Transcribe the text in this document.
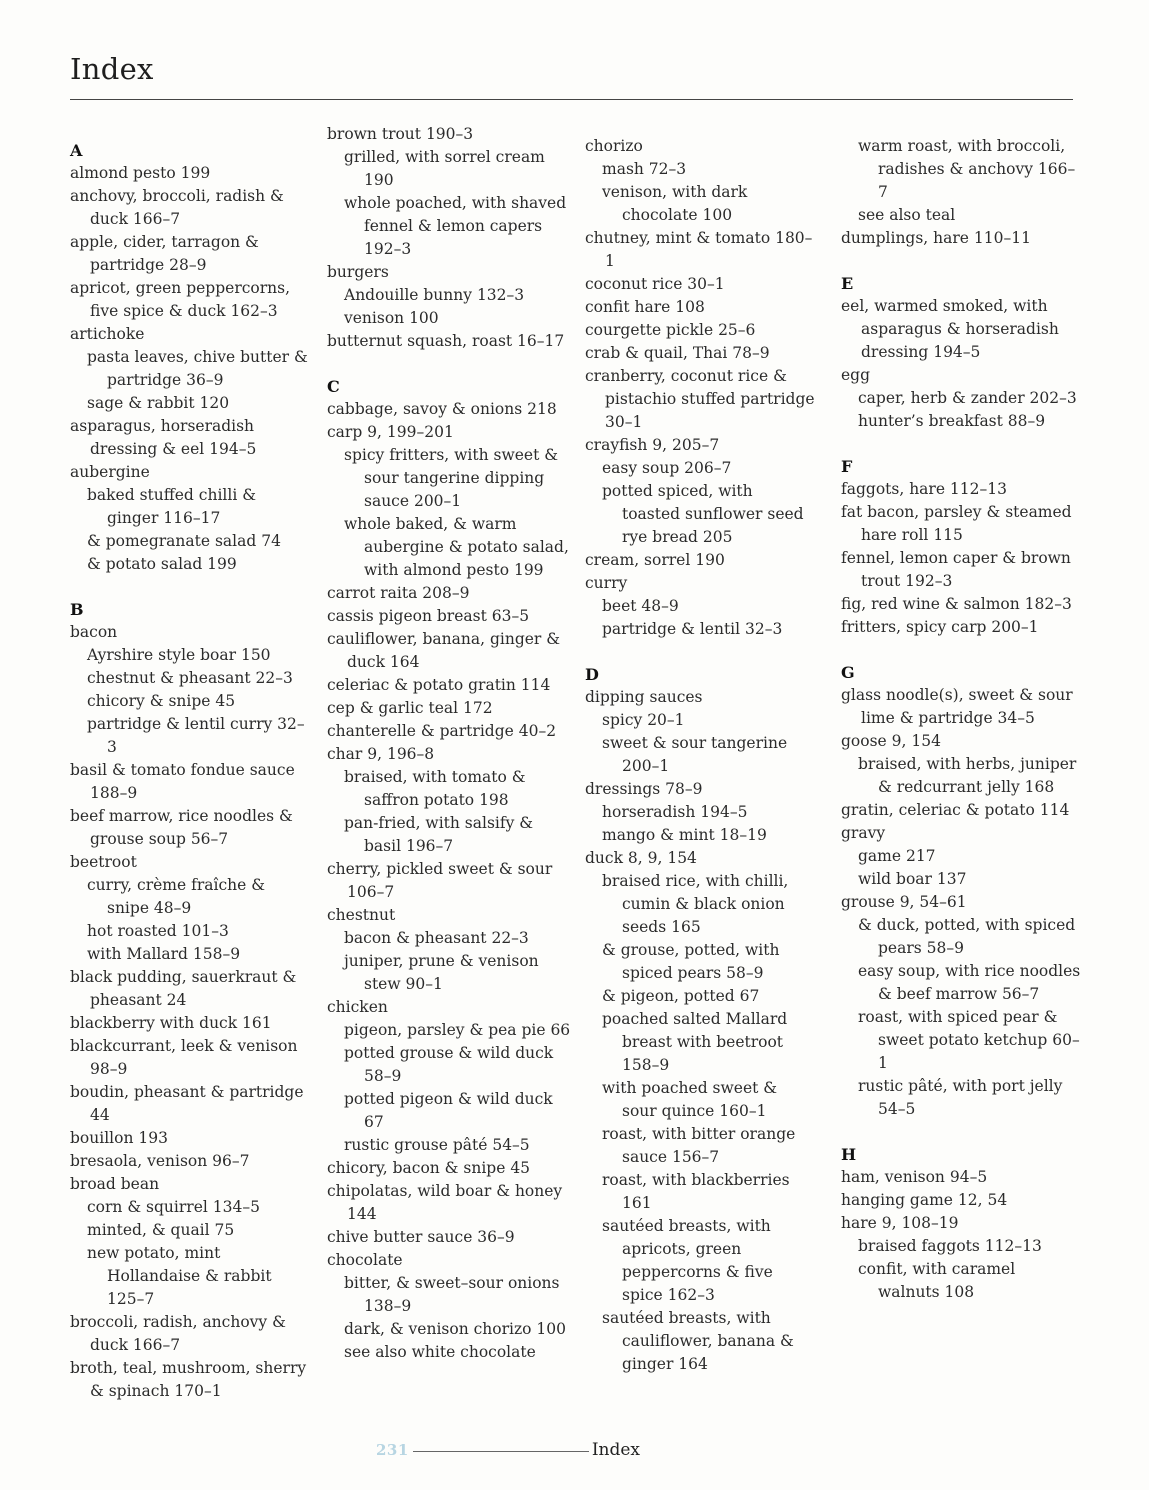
Index
A
almond pesto 199
anchovy, broccoli, radish & duck 166–7
apple, cider, tarragon & partridge 28–9
apricot, green peppercorns, five spice & duck 162–3
artichoke
pasta leaves, chive butter & partridge 36–9
sage & rabbit 120
asparagus, horseradish dressing & eel 194–5
aubergine
baked stuffed chilli & ginger 116–17
& pomegranate salad 74
& potato salad 199
B
bacon
Ayrshire style boar 150
chestnut & pheasant 22–3
chicory & snipe 45
partridge & lentil curry 32–3
basil & tomato fondue sauce 188–9
beef marrow, rice noodles & grouse soup 56–7
beetroot
curry, crème fraîche & snipe 48–9
hot roasted 101–3
with Mallard 158–9
black pudding, sauerkraut & pheasant 24
blackberry with duck 161
blackcurrant, leek & venison 98–9
boudin, pheasant & partridge 44
bouillon 193
bresaola, venison 96–7
broad bean
corn & squirrel 134–5
minted, & quail 75
new potato, mint Hollandaise & rabbit 125–7
broccoli, radish, anchovy & duck 166–7
broth, teal, mushroom, sherry & spinach 170–1
brown trout 190–3
grilled, with sorrel cream 190
whole poached, with shaved fennel & lemon capers 192–3
burgers
Andouille bunny 132–3
venison 100
butternut squash, roast 16–17
C
cabbage, savoy & onions 218
carp 9, 199–201
spicy fritters, with sweet & sour tangerine dipping sauce 200–1
whole baked, & warm aubergine & potato salad, with almond pesto 199
carrot raita 208–9
cassis pigeon breast 63–5
cauliflower, banana, ginger & duck 164
celeriac & potato gratin 114
cep & garlic teal 172
chanterelle & partridge 40–2
char 9, 196–8
braised, with tomato & saffron potato 198
pan-fried, with salsify & basil 196–7
cherry, pickled sweet & sour 106–7
chestnut
bacon & pheasant 22–3
juniper, prune & venison stew 90–1
chicken
pigeon, parsley & pea pie 66
potted grouse & wild duck 58–9
potted pigeon & wild duck 67
rustic grouse pâté 54–5
chicory, bacon & snipe 45
chipolatas, wild boar & honey 144
chive butter sauce 36–9
chocolate
bitter, & sweet–sour onions 138–9
dark, & venison chorizo 100
see also white chocolate
chorizo
mash 72–3
venison, with dark chocolate 100
chutney, mint & tomato 180–1
coconut rice 30–1
confit hare 108
courgette pickle 25–6
crab & quail, Thai 78–9
cranberry, coconut rice & pistachio stuffed partridge 30–1
crayfish 9, 205–7
easy soup 206–7
potted spiced, with toasted sunflower seed rye bread 205
cream, sorrel 190
curry
beet 48–9
partridge & lentil 32–3
D
dipping sauces
spicy 20–1
sweet & sour tangerine 200–1
dressings 78–9
horseradish 194–5
mango & mint 18–19
duck 8, 9, 154
braised rice, with chilli, cumin & black onion seeds 165
& grouse, potted, with spiced pears 58–9
& pigeon, potted 67
poached salted Mallard breast with beetroot 158–9
with poached sweet & sour quince 160–1
roast, with bitter orange sauce 156–7
roast, with blackberries 161
sautéed breasts, with apricots, green peppercorns & five spice 162–3
sautéed breasts, with cauliflower, banana & ginger 164
warm roast, with broccoli, radishes & anchovy 166–7
see also teal
dumplings, hare 110–11
E
eel, warmed smoked, with asparagus & horseradish dressing 194–5
egg
caper, herb & zander 202–3
hunter’s breakfast 88–9
F
faggots, hare 112–13
fat bacon, parsley & steamed hare roll 115
fennel, lemon caper & brown trout 192–3
fig, red wine & salmon 182–3
fritters, spicy carp 200–1
G
glass noodle(s), sweet & sour lime & partridge 34–5
goose 9, 154
braised, with herbs, juniper & redcurrant jelly 168
gratin, celeriac & potato 114
gravy
game 217
wild boar 137
grouse 9, 54–61
& duck, potted, with spiced pears 58–9
easy soup, with rice noodles & beef marrow 56–7
roast, with spiced pear & sweet potato ketchup 60–1
rustic pâté, with port jelly 54–5
H
ham, venison 94–5
hanging game 12, 54
hare 9, 108–19
braised faggots 112–13
confit, with caramel walnuts 108
231	Index
